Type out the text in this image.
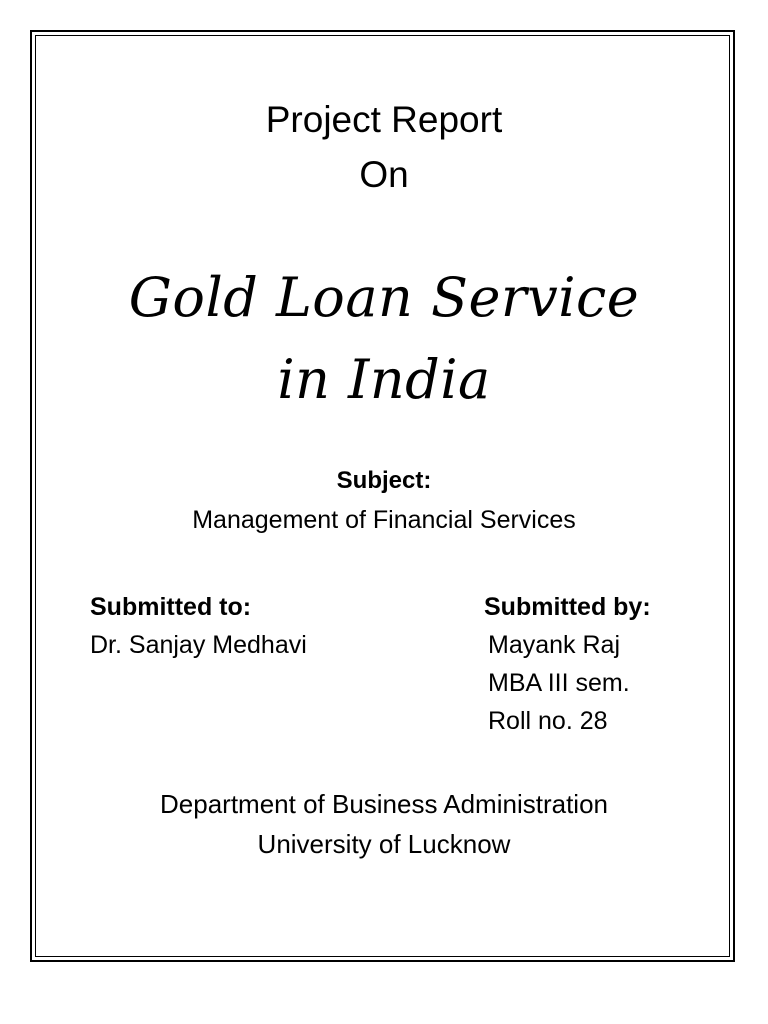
Project Report
On
Gold Loan Service
in India
Subject:
Management of Financial Services
Submitted to:
Dr. Sanjay Medhavi
Submitted by:
Mayank Raj
MBA III sem.
Roll no. 28
Department of Business Administration
University of Lucknow
